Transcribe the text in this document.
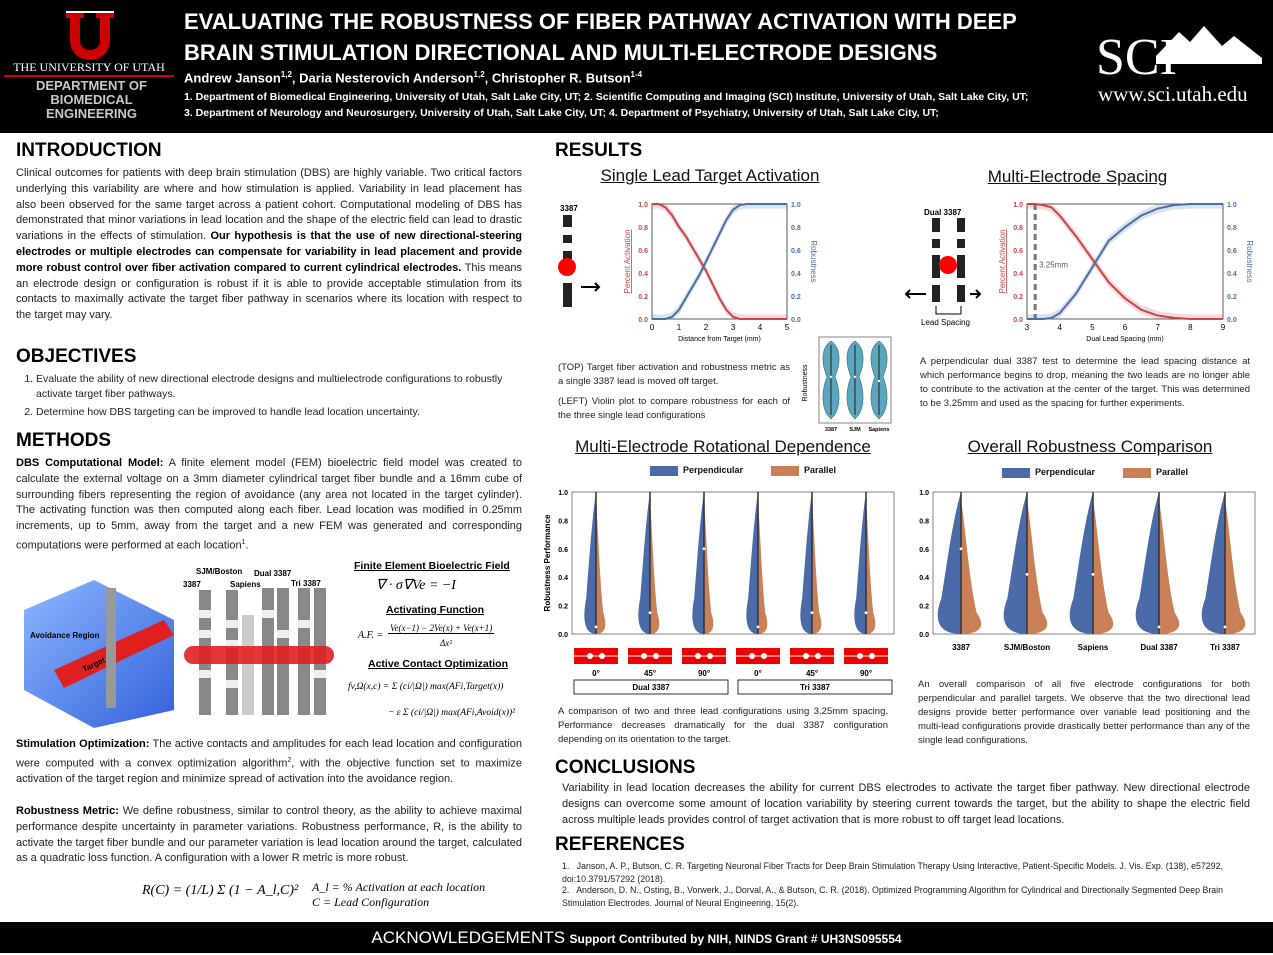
THE UNIVERSITY OF UTAH
DEPARTMENT OF BIOMEDICAL ENGINEERING
EVALUATING THE ROBUSTNESS OF FIBER PATHWAY ACTIVATION WITH DEEP BRAIN STIMULATION DIRECTIONAL AND MULTI-ELECTRODE DESIGNS
Andrew Janson$^{1,2}$, Daria Nesterovich Anderson$^{1,2}$, Christopher R. Butson$^{1-4}$
1. Department of Biomedical Engineering, University of Utah, Salt Lake City, UT; 2. Scientific Computing and Imaging (SCI) Institute, University of Utah, Salt Lake City, UT;
3. Department of Neurology and Neurosurgery, University of Utah, Salt Lake City, UT; 4. Department of Psychiatry, University of Utah, Salt Lake City, UT;
SCI
www.sci.utah.edu
INTRODUCTION
Clinical outcomes for patients with deep brain stimulation (DBS) are highly variable. Two critical factors underlying this variability are where and how stimulation is applied. Variability in lead placement has also been observed for the same target across a patient cohort. Computational modeling of DBS has demonstrated that minor variations in lead location and the shape of the electric field can lead to drastic variations in the effects of stimulation. Our hypothesis is that the use of new directional-steering electrodes or multiple electrodes can compensate for variability in lead placement and provide more robust control over fiber activation compared to current cylindrical electrodes. This means an electrode design or configuration is robust if it is able to provide acceptable stimulation from its contacts to maximally activate the target fiber pathway in scenarios where its location with respect to the target may vary.
OBJECTIVES
1. Evaluate the ability of new directional electrode designs and multielectrode configurations to robustly activate target fiber pathways.
2. Determine how DBS targeting can be improved to handle lead location uncertainty.
METHODS
DBS Computational Model: A finite element model (FEM) bioelectric field model was created to calculate the external voltage on a 3mm diameter cylindrical target fiber bundle and a 16mm cube of surrounding fibers representing the region of avoidance (any area not located in the target cylinder). The activating function was then computed along each fiber. Lead location was modified in 0.25mm increments, up to 5mm, away from the target and a new FEM was generated and corresponding computations were performed at each location$^1$.
Avoidance Region
Target
SJM/Boston Dual 3387
3387	Sapiens	Tri 3387
Finite Element Bioelectric Field
∇ · σ∇Ve = −I
Activating Function
A.F. =
Ve(x−1) − 2Ve(x) + Ve(x+1)
Δx²
Active Contact Optimization
fv,Ω(x,c) = Σ (ci/|Ω|) max(AFi,Target(x))
− ε Σ (ci/|Ω|) max(AFi,Avoid(x))²
Stimulation Optimization: The active contacts and amplitudes for each lead location and configuration were computed with a convex optimization algorithm$^2$, with the objective function set to maximize activation of the target region and minimize spread of activation into the avoidance region.
Robustness Metric: We define robustness, similar to control theory, as the ability to achieve maximal performance despite uncertainty in parameter variations. Robustness performance, R, is the ability to activate the target fiber bundle and our parameter variation is lead location around the target, calculated as a quadratic loss function. A configuration with a lower R metric is more robust.
R(C) = (1/L) Σ (1 − A_l,C)² A_l = % Activation at each location
C = Lead Configuration
RESULTS
Single Lead Target Activation	Multi-Electrode Spacing
3387
0	1	2	3	4	5
0.0	0.0
0.2	0.2
0.4	0.4
0.6	0.6
0.8	0.8
1.0	1.0
Distance from Target (mm)
Percent Activation	Robustness
Dual 3387
Lead Spacing
3	4	5	6	7	8	9
0.0	0.0
0.2	0.2
0.4	0.4
0.6	0.6
0.8	0.8
1.0	1.0
3.25mm
Dual Lead Spacing (mm)
Percent Activation	Robustness
3387 SJM Sapiens
Robustness
(TOP) Target fiber activation and robustness metric as a single 3387 lead is moved off target.
(LEFT) Violin plot to compare robustness for each of the three single lead configurations
A perpendicular dual 3387 test to determine the lead spacing distance at which performance begins to drop, meaning the two leads are no longer able to contribute to the activation at the center of the target. This was determined to be 3.25mm and used as the spacing for further experiments.
Multi-Electrode Rotational Dependence	Overall Robustness Comparison
Perpendicular	Parallel	Perpendicular	Parallel
0.0
0.2
0.4
0.6
0.8
1.0
Robustness Performance
0°	45°	90°	0°	45°	90°
Dual 3387	Tri 3387
0.0
0.2
0.4
0.6
0.8
1.0
3387	SJM/Boston	Sapiens	Dual 3387	Tri 3387
A comparison of two and three lead configurations using 3.25mm spacing. Performance decreases dramatically for the dual 3387 configuration depending on its orientation to the target.
An overall comparison of all five electrode configurations for both perpendicular and parallel targets. We observe that the two directional lead designs provide better performance over variable lead positioning and the multi-lead configurations provide drastically better performance than any of the single lead configurations.
CONCLUSIONS
Variability in lead location decreases the ability for current DBS electrodes to activate the target fiber pathway. New directional electrode designs can overcome some amount of location variability by steering current towards the target, but the ability to shape the electric field across multiple leads provides control of target activation that is more robust to off target lead locations.
REFERENCES
1.   Janson, A. P., Butson, C. R. Targeting Neuronal Fiber Tracts for Deep Brain Stimulation Therapy Using Interactive, Patient-Specific Models. J. Vis. Exp. (138), e57292, doi:10.3791/57292 (2018).
2.   Anderson, D. N., Osting, B., Vorwerk, J., Dorval, A., & Butson, C. R. (2018). Optimized Programming Algorithm for Cylindrical and Directionally Segmented Deep Brain Stimulation Electrodes. Journal of Neural Engineering, 15(2).
ACKNOWLEDGEMENTS Support Contributed by NIH, NINDS Grant # UH3NS095554
